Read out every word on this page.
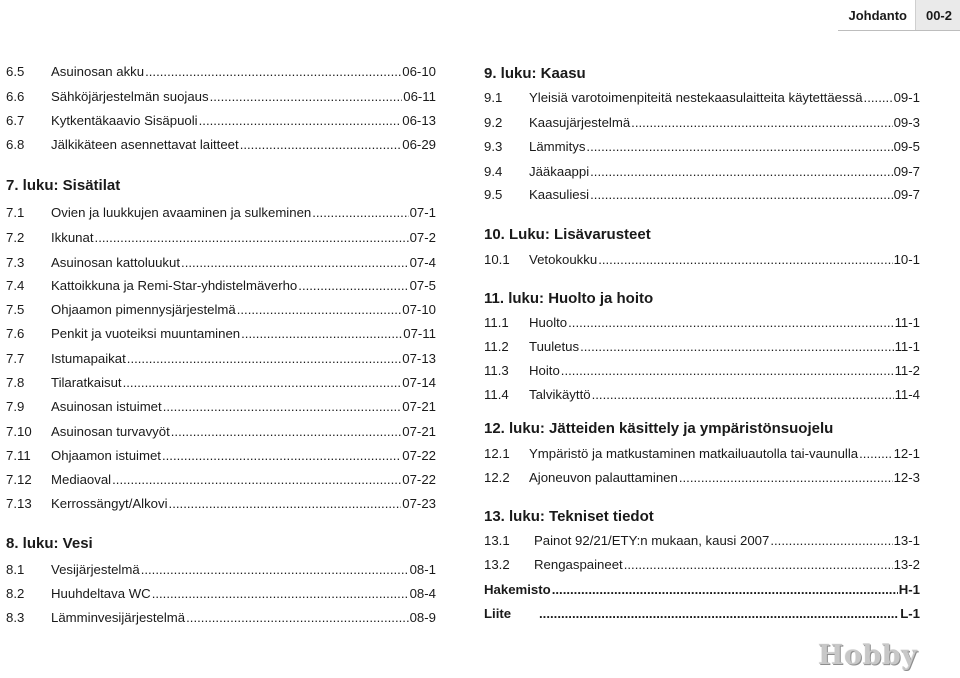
Johdanto	00-2
6.5	Asuinosan akku .....	06-10
6.6	Sähköjärjestelmän suojaus .....	06-11
6.7	Kytkentäkaavio Sisäpuoli .....	06-13
6.8	Jälkikäteen asennettavat laitteet .....	06-29
7. luku: Sisätilat
7.1	Ovien ja luukkujen avaaminen ja sulkeminen .....	07-1
7.2	Ikkunat .....	07-2
7.3	Asuinosan kattoluukut .....	07-4
7.4	Kattoikkuna ja Remi-Star-yhdistelmäverho .....	07-5
7.5	Ohjaamon pimennysjärjestelmä .....	07-10
7.6	Penkit ja vuoteiksi muuntaminen .....	07-11
7.7	Istumapaikat .....	07-13
7.8	Tilaratkaisut .....	07-14
7.9	Asuinosan istuimet .....	07-21
7.10	Asuinosan turvavyöt .....	07-21
7.11	Ohjaamon istuimet .....	07-22
7.12	Mediaoval .....	07-22
7.13	Kerrossängyt/Alkovi .....	07-23
8. luku: Vesi
8.1	Vesijärjestelmä .....	08-1
8.2	Huuhdeltava WC .....	08-4
8.3	Lämminvesijärjestelmä .....	08-9
9. luku: Kaasu
9.1	Yleisiä varotoimenpiteitä nestekaasulaitteita käytettäessä ..... 09-1
9.2	Kaasujärjestelmä .....	09-3
9.3	Lämmitys .....	09-5
9.4	Jääkaappi .....	09-7
9.5	Kaasuliesi .....	09-7
10. Luku: Lisävarusteet
10.1	Vetokoukku .....	10-1
11. luku: Huolto ja hoito
11.1	Huolto .....	11-1
11.2	Tuuletus .....	11-1
11.3	Hoito .....	11-2
11.4	Talvikäyttö .....	11-4
12. luku: Jätteiden käsittely ja ympäristönsuojelu
12.1	Ympäristö ja matkustaminen matkailuautolla tai-vaunulla .....	12-1
12.2	Ajoneuvon palauttaminen .....	12-3
13. luku: Tekniset tiedot
13.1	Painot 92/21/ETY:n mukaan, kausi 2007 .....	13-1
13.2	Rengaspaineet .....	13-2
Hakemisto .....	H-1
Liite .....	L-1
Hobby
